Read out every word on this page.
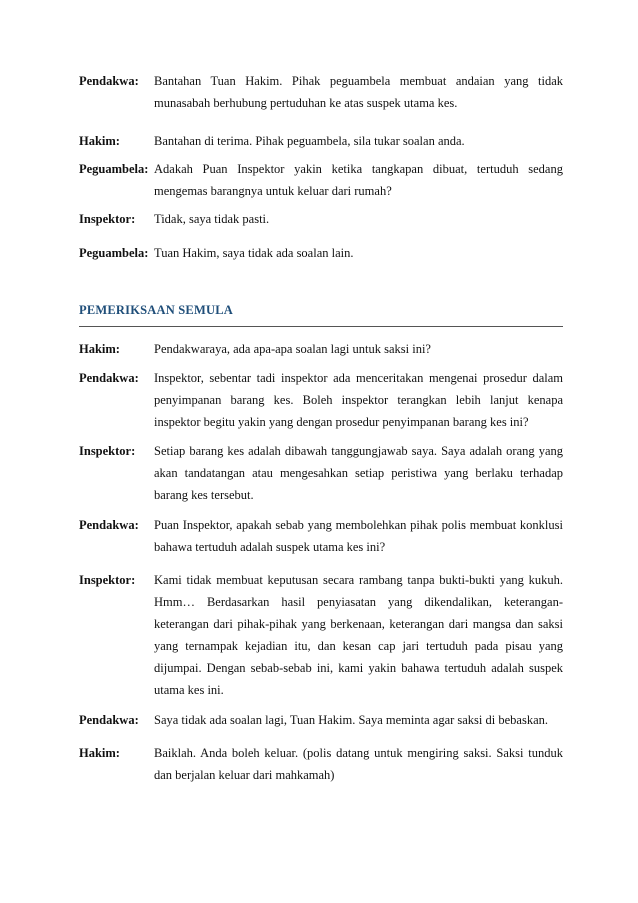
Pendakwa: Bantahan Tuan Hakim. Pihak peguambela membuat andaian yang tidak munasabah berhubung pertuduhan ke atas suspek utama kes.
Hakim:	Bantahan di terima. Pihak peguambela, sila tukar soalan anda.
Peguambela: Adakah Puan Inspektor yakin ketika tangkapan dibuat, tertuduh sedang mengemas barangnya untuk keluar dari rumah?
Inspektor: Tidak, saya tidak pasti.
Peguambela: Tuan Hakim, saya tidak ada soalan lain.
PEMERIKSAAN SEMULA
Hakim:	Pendakwaraya, ada apa-apa soalan lagi untuk saksi ini?
Pendakwa: Inspektor, sebentar tadi inspektor ada menceritakan mengenai prosedur dalam penyimpanan barang kes. Boleh inspektor terangkan lebih lanjut kenapa inspektor begitu yakin yang dengan prosedur penyimpanan barang kes ini?
Inspektor: Setiap barang kes adalah dibawah tanggungjawab saya. Saya adalah orang yang akan tandatangan atau mengesahkan setiap peristiwa yang berlaku terhadap barang kes tersebut.
Pendakwa: Puan Inspektor, apakah sebab yang membolehkan pihak polis membuat konklusi bahawa tertuduh adalah suspek utama kes ini?
Inspektor: Kami tidak membuat keputusan secara rambang tanpa bukti-bukti yang kukuh. Hmm… Berdasarkan hasil penyiasatan yang dikendalikan, keterangan-keterangan dari pihak-pihak yang berkenaan, keterangan dari mangsa dan saksi yang ternampak kejadian itu, dan kesan cap jari tertuduh pada pisau yang dijumpai. Dengan sebab-sebab ini, kami yakin bahawa tertuduh adalah suspek utama kes ini.
Pendakwa: Saya tidak ada soalan lagi, Tuan Hakim. Saya meminta agar saksi di bebaskan.
Hakim:	Baiklah. Anda boleh keluar. (polis datang untuk mengiring saksi. Saksi tunduk dan berjalan keluar dari mahkamah)
